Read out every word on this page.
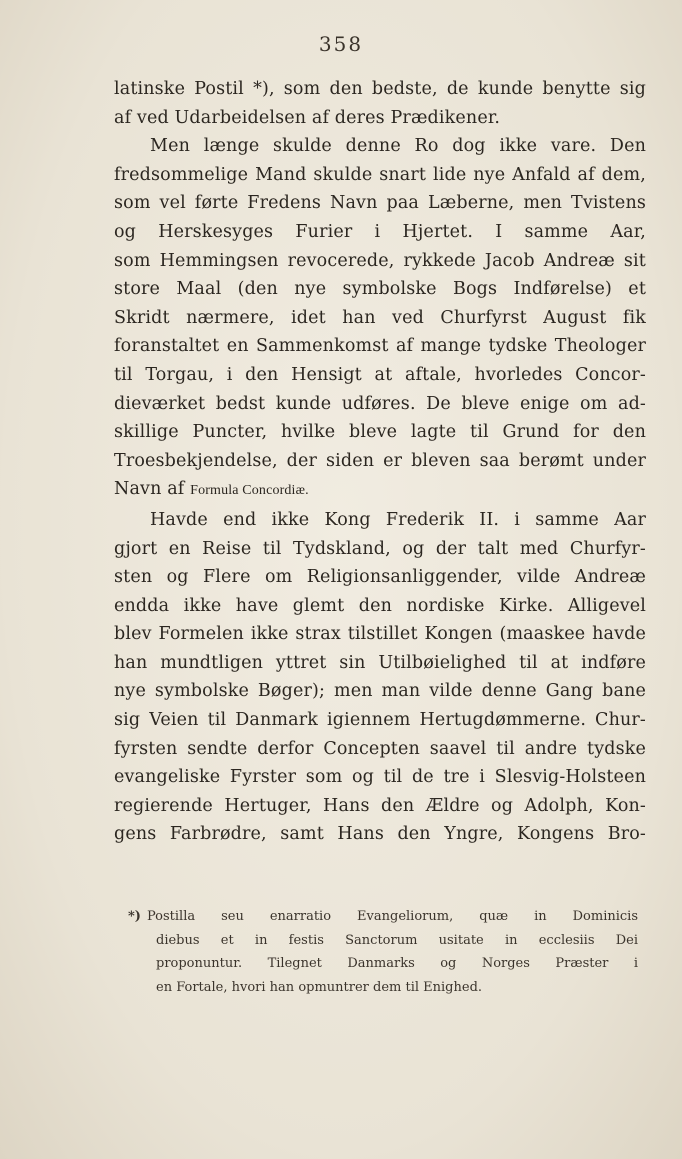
358
latinske Postil *), som den bedste, de kunde benytte sig
af ved Udarbeidelsen af deres Prædikener.
Men længe skulde denne Ro dog ikke vare. Den
fredsommelige Mand skulde snart lide nye Anfald af dem,
som vel førte Fredens Navn paa Læberne, men Tvistens
og Herskesyges Furier i Hjertet. I samme Aar,
som Hemmingsen revocerede, rykkede Jacob Andreæ sit
store Maal (den nye symbolske Bogs Indførelse) et
Skridt nærmere, idet han ved Churfyrst August fik
foranstaltet en Sammenkomst af mange tydske Theologer
til Torgau, i den Hensigt at aftale, hvorledes Concor-
dieværket bedst kunde udføres. De bleve enige om ad-
skillige Puncter, hvilke bleve lagte til Grund for den
Troesbekjendelse, der siden er bleven saa berømt under
Navn af Formula Concordiæ.
Havde end ikke Kong Frederik II. i samme Aar
gjort en Reise til Tydskland, og der talt med Churfyr-
sten og Flere om Religionsanliggender, vilde Andreæ
endda ikke have glemt den nordiske Kirke. Alligevel
blev Formelen ikke strax tilstillet Kongen (maaskee havde
han mundtligen yttret sin Utilbøielighed til at indføre
nye symbolske Bøger); men man vilde denne Gang bane
sig Veien til Danmark igiennem Hertugdømmerne. Chur-
fyrsten sendte derfor Concepten saavel til andre tydske
evangeliske Fyrster som og til de tre i Slesvig-Holsteen
regierende Hertuger, Hans den Ældre og Adolph, Kon-
gens Farbrødre, samt Hans den Yngre, Kongens Bro-
*) Postilla seu enarratio Evangeliorum, quæ in Dominicis
diebus et in festis Sanctorum usitate in ecclesiis Dei
proponuntur. Tilegnet Danmarks og Norges Præster i
en Fortale, hvori han opmuntrer dem til Enighed.
